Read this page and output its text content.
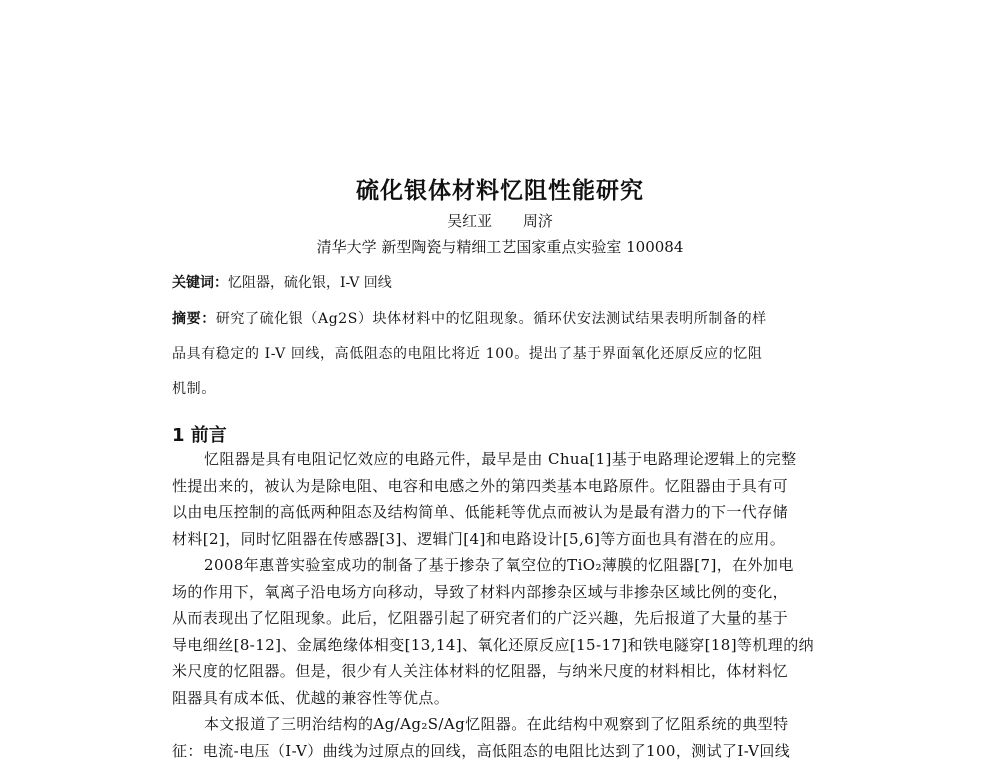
硫化银体材料忆阻性能研究
吴红亚 周济
清华大学 新型陶瓷与精细工艺国家重点实验室 100084
关键词：忆阻器，硫化银，I-V 回线
摘要：研究了硫化银（Ag2S）块体材料中的忆阻现象。循环伏安法测试结果表明所制备的样
品具有稳定的 I-V 回线，高低阻态的电阻比将近 100。提出了基于界面氧化还原反应的忆阻
机制。
1 前言
忆阻器是具有电阻记忆效应的电路元件，最早是由 Chua[1]基于电路理论逻辑上的完整
性提出来的，被认为是除电阻、电容和电感之外的第四类基本电路原件。忆阻器由于具有可
以由电压控制的高低两种阻态及结构简单、低能耗等优点而被认为是最有潜力的下一代存储
材料[2]，同时忆阻器在传感器[3]、逻辑门[4]和电路设计[5,6]等方面也具有潜在的应用。
2008年惠普实验室成功的制备了基于掺杂了氧空位的TiO₂薄膜的忆阻器[7]，在外加电
场的作用下，氧离子沿电场方向移动，导致了材料内部掺杂区域与非掺杂区域比例的变化，
从而表现出了忆阻现象。此后，忆阻器引起了研究者们的广泛兴趣，先后报道了大量的基于
导电细丝[8-12]、金属绝缘体相变[13,14]、氧化还原反应[15-17]和铁电隧穿[18]等机理的纳
米尺度的忆阻器。但是，很少有人关注体材料的忆阻器，与纳米尺度的材料相比，体材料忆
阻器具有成本低、优越的兼容性等优点。
本文报道了三明治结构的Ag/Ag₂S/Ag忆阻器。在此结构中观察到了忆阻系统的典型特
征：电流-电压（I-V）曲线为过原点的回线，高低阻态的电阻比达到了100，测试了I-V回线
